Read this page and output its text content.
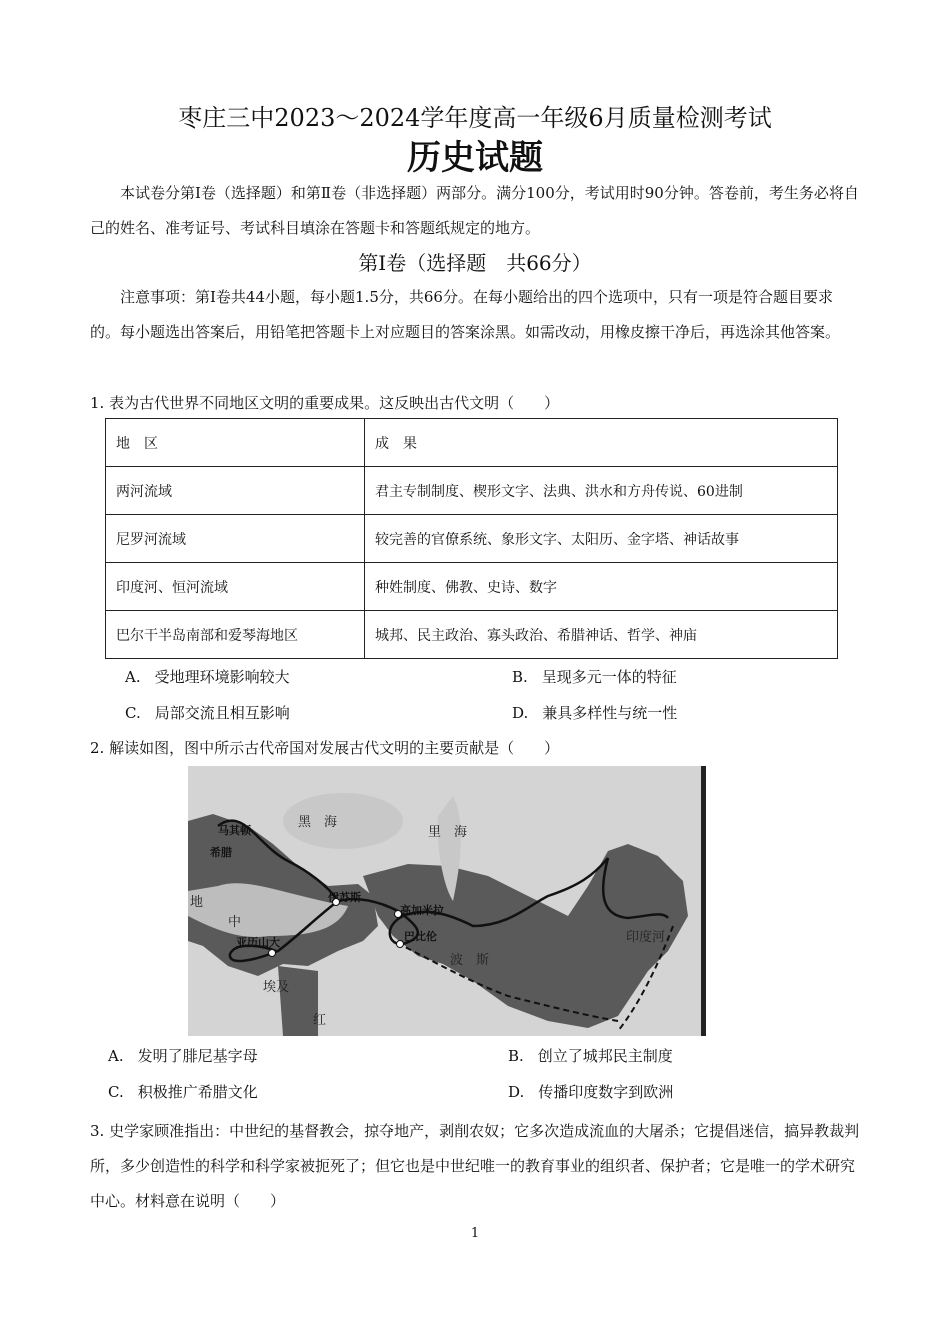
枣庄三中2023～2024学年度高一年级6月质量检测考试
历史试题
本试卷分第Ⅰ卷（选择题）和第Ⅱ卷（非选择题）两部分。满分100分，考试用时90分钟。答卷前，考生务必将自己的姓名、准考证号、考试科目填涂在答题卡和答题纸规定的地方。
第Ⅰ卷（选择题　共66分）
注意事项：第Ⅰ卷共44小题，每小题1.5分，共66分。在每小题给出的四个选项中，只有一项是符合题目要求的。每小题选出答案后，用铅笔把答题卡上对应题目的答案涂黑。如需改动，用橡皮擦干净后，再选涂其他答案。
1. 表为古代世界不同地区文明的重要成果。这反映出古代文明（　　）
地　区	成　果
两河流域	君主专制制度、楔形文字、法典、洪水和方舟传说、60进制
尼罗河流域	较完善的官僚系统、象形文字、太阳历、金字塔、神话故事
印度河、恒河流域	种姓制度、佛教、史诗、数字
巴尔干半岛南部和爱琴海地区	城邦、民主政治、寡头政治、希腊神话、哲学、神庙
A. 受地理环境影响较大	B. 呈现多元一体的特征
C. 局部交流且相互影响	D. 兼具多样性与统一性
2. 解读如图，图中所示古代帝国对发展古代文明的主要贡献是（　　）
马其顿
希腊
伊苏斯
高加米拉
巴比伦
亚历山大
黑　海
里　海
地
中
埃及
波　斯
红
印度河
A. 发明了腓尼基字母	B. 创立了城邦民主制度
C. 积极推广希腊文化	D. 传播印度数字到欧洲
3. 史学家顾准指出：中世纪的基督教会，掠夺地产，剥削农奴；它多次造成流血的大屠杀；它提倡迷信，搞异教裁判所，多少创造性的科学和科学家被扼死了；但它也是中世纪唯一的教育事业的组织者、保护者；它是唯一的学术研究中心。材料意在说明（　　）
1
